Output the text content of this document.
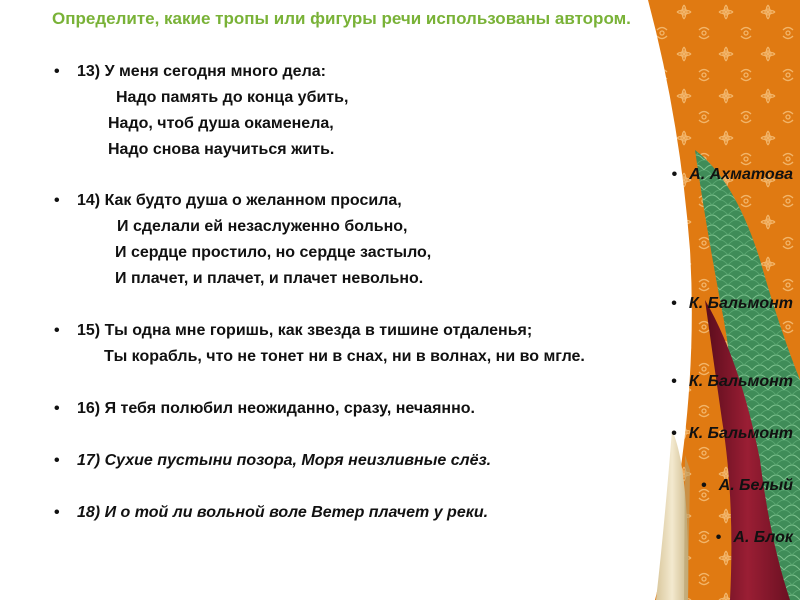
Определите, какие тропы или фигуры речи использованы автором.
• 13) У меня сегодня много дела:
Надо память до конца убить,
Надо, чтоб душа окаменела,
Надо снова научиться жить.
• А. Ахматова
• 14) Как будто душа о желанном просила,
И сделали ей незаслуженно больно,
И сердце простило, но сердце застыло,
И плачет, и плачет, и плачет невольно.
• К. Бальмонт
• 15) Ты одна мне горишь, как звезда в тишине отдаленья;
Ты корабль, что не тонет ни в снах, ни в волнах, ни во мгле.
• К. Бальмонт
• 16) Я тебя полюбил неожиданно, сразу, нечаянно.
• К. Бальмонт
• 17) Сухие пустыни позора, Моря неизливные слёз.
• А. Белый
• 18) И о той ли вольной воле Ветер плачет у реки.
• А. Блок
